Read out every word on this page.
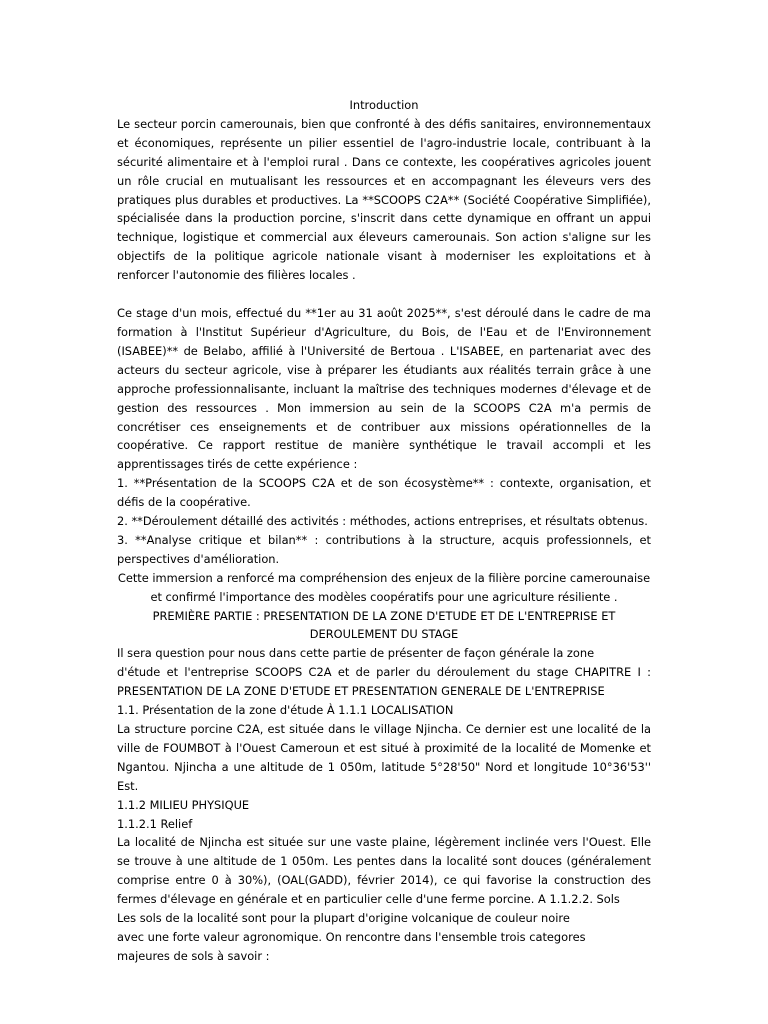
Introduction

Le secteur porcin camerounais, bien que confronté à des défis sanitaires, environnementaux et économiques, représente un pilier essentiel de l'agro-industrie locale, contribuant à la sécurité alimentaire et à l'emploi rural . Dans ce contexte, les coopératives agricoles jouent un rôle crucial en mutualisant les ressources et en accompagnant les éleveurs vers des pratiques plus durables et productives. La **SCOOPS C2A** (Société Coopérative Simplifiée), spécialisée dans la production porcine, s'inscrit dans cette dynamique en offrant un appui technique, logistique et commercial aux éleveurs camerounais. Son action s'aligne sur les objectifs de la politique agricole nationale visant à moderniser les exploitations et à renforcer l'autonomie des filières locales .

Ce stage d'un mois, effectué du **1er au 31 août 2025**, s'est déroulé dans le cadre de ma formation à l'Institut Supérieur d'Agriculture, du Bois, de l'Eau et de l'Environnement (ISABEE)** de Belabo, affilié à l'Université de Bertoua . L'ISABEE, en partenariat avec des acteurs du secteur agricole, vise à préparer les étudiants aux réalités terrain grâce à une approche professionnalisante, incluant la maîtrise des techniques modernes d'élevage et de gestion des ressources . Mon immersion au sein de la SCOOPS C2A m'a permis de concrétiser ces enseignements et de contribuer aux missions opérationnelles de la coopérative. Ce rapport restitue de manière synthétique le travail accompli et les apprentissages tirés de cette expérience :

1. **Présentation de la SCOOPS C2A et de son écosystème** : contexte, organisation, et défis de la coopérative.

2. **Déroulement détaillé des activités : méthodes, actions entreprises, et résultats obtenus.

3. **Analyse critique et bilan** : contributions à la structure, acquis professionnels, et perspectives d'amélioration.

Cette immersion a renforcé ma compréhension des enjeux de la filière porcine camerounaise et confirmé l'importance des modèles coopératifs pour une agriculture résiliente .

PREMIÈRE PARTIE : PRESENTATION DE LA ZONE D'ETUDE ET DE L'ENTREPRISE ET DEROULEMENT DU STAGE

Il sera question pour nous dans cette partie de présenter de façon générale la zone

d'étude et l'entreprise SCOOPS C2A et de parler du déroulement du stage CHAPITRE I : PRESENTATION DE LA ZONE D'ETUDE ET PRESENTATION GENERALE DE L'ENTREPRISE

1.1. Présentation de la zone d'étude À 1.1.1 LOCALISATION

La structure porcine C2A, est située dans le village Njincha. Ce dernier est une localité de la ville de FOUMBOT à l'Ouest Cameroun et est situé à proximité de la localité de Momenke et Ngantou. Njincha a une altitude de 1 050m, latitude 5°28'50" Nord et longitude 10°36'53'' Est.

1.1.2 MILIEU PHYSIQUE

1.1.2.1 Relief

La localité de Njincha est située sur une vaste plaine, légèrement inclinée vers l'Ouest. Elle se trouve à une altitude de 1 050m. Les pentes dans la localité sont douces (généralement comprise entre 0 à 30%), (OAL(GADD), février 2014), ce qui favorise la construction des fermes d'élevage en générale et en particulier celle d'une ferme porcine. A 1.1.2.2. Sols

Les sols de la localité sont pour la plupart d'origine volcanique de couleur noire

avec une forte valeur agronomique. On rencontre dans l'ensemble trois categores

majeures de sols à savoir :
